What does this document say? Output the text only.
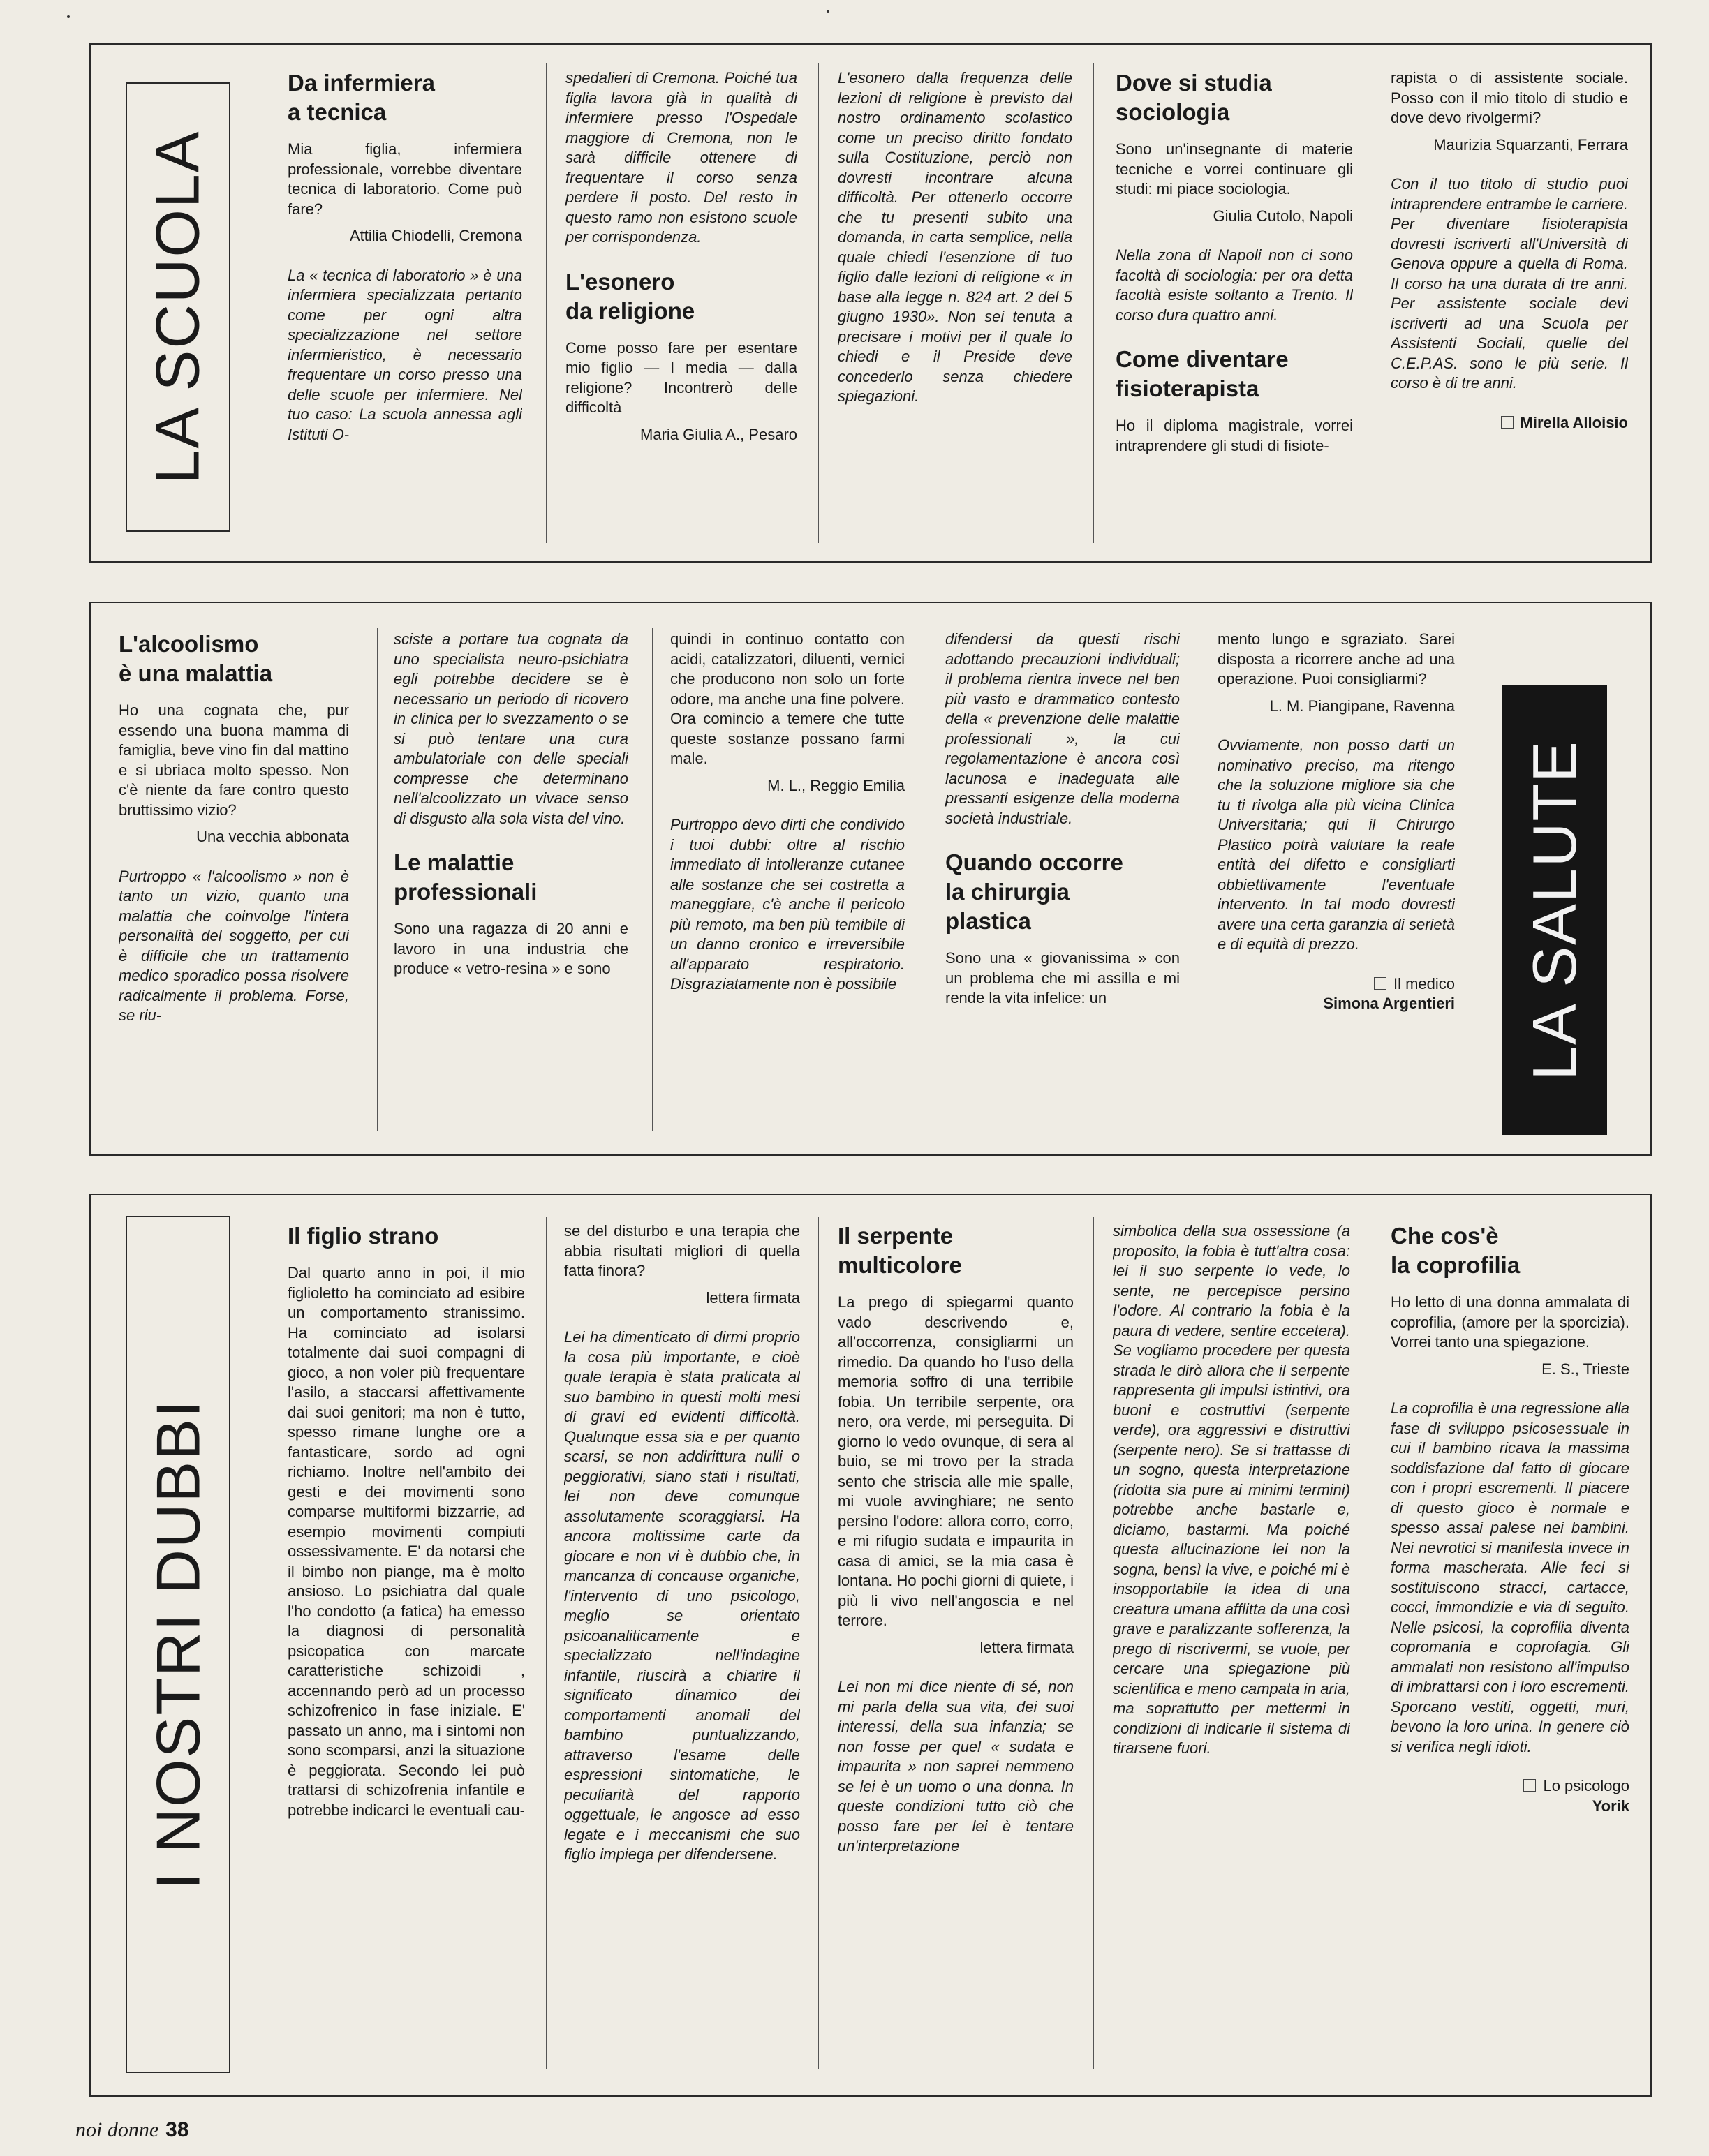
LA SCUOLA
Da infermiera
a tecnica

Mia figlia, infermiera professionale, vorrebbe diventare tecnica di laboratorio. Come può fare?

Attilia Chiodelli, Cremona

La « tecnica di laboratorio » è una infermiera specializzata pertanto come per ogni altra specializzazione nel settore infermieristico, è necessario frequentare un corso presso una delle scuole per infermiere. Nel tuo caso: La scuola annessa agli Istituti O-

spedalieri di Cremona. Poiché tua figlia lavora già in qualità di infermiere presso l'Ospedale maggiore di Cremona, non le sarà difficile ottenere di frequentare il corso senza perdere il posto. Del resto in questo ramo non esistono scuole per corrispondenza.

L'esonero
da religione

Come posso fare per esentare mio figlio — I media — dalla religione? Incontrerò delle difficoltà

Maria Giulia A., Pesaro

L'esonero dalla frequenza delle lezioni di religione è previsto dal nostro ordinamento scolastico come un preciso diritto fondato sulla Costituzione, perciò non dovresti incontrare alcuna difficoltà. Per ottenerlo occorre che tu presenti subito una domanda, in carta semplice, nella quale chiedi l'esenzione di tuo figlio dalle lezioni di religione « in base alla legge n. 824 art. 2 del 5 giugno 1930». Non sei tenuta a precisare i motivi per il quale lo chiedi e il Preside deve concederlo senza chiedere spiegazioni.

Dove si studia
sociologia

Sono un'insegnante di materie tecniche e vorrei continuare gli studi: mi piace sociologia.

Giulia Cutolo, Napoli

Nella zona di Napoli non ci sono facoltà di sociologia: per ora detta facoltà esiste soltanto a Trento. Il corso dura quattro anni.

Come diventare
fisioterapista

Ho il diploma magistrale, vorrei intraprendere gli studi di fisiote-

rapista o di assistente sociale. Posso con il mio titolo di studio e dove devo rivolgermi?

Maurizia Squarzanti, Ferrara

Con il tuo titolo di studio puoi intraprendere entrambe le carriere. Per diventare fisioterapista dovresti iscriverti all'Università di Genova oppure a quella di Roma. Il corso ha una durata di tre anni. Per assistente sociale devi iscriverti ad una Scuola per Assistenti Sociali, quelle del C.E.P.AS. sono le più serie. Il corso è di tre anni.

Mirella Alloisio
L'alcoolismo
è una malattia

Ho una cognata che, pur essendo una buona mamma di famiglia, beve vino fin dal mattino e si ubriaca molto spesso. Non c'è niente da fare contro questo bruttissimo vizio?

Una vecchia abbonata

Purtroppo « l'alcoolismo » non è tanto un vizio, quanto una malattia che coinvolge l'intera personalità del soggetto, per cui è difficile che un trattamento medico sporadico possa risolvere radicalmente il problema. Forse, se riu-

sciste a portare tua cognata da uno specialista neuro-psichiatra egli potrebbe decidere se è necessario un periodo di ricovero in clinica per lo svezzamento o se si può tentare una cura ambulatoriale con delle speciali compresse che determinano nell'alcoolizzato un vivace senso di disgusto alla sola vista del vino.

Le malattie
professionali

Sono una ragazza di 20 anni e lavoro in una industria che produce « vetro-resina » e sono

quindi in continuo contatto con acidi, catalizzatori, diluenti, vernici che producono non solo un forte odore, ma anche una fine polvere. Ora comincio a temere che tutte queste sostanze possano farmi male.

M. L., Reggio Emilia

Purtroppo devo dirti che condivido i tuoi dubbi: oltre al rischio immediato di intolleranze cutanee alle sostanze che sei costretta a maneggiare, c'è anche il pericolo più remoto, ma ben più temibile di un danno cronico e irreversibile all'apparato respiratorio. Disgraziatamente non è possibile

difendersi da questi rischi adottando precauzioni individuali; il problema rientra invece nel ben più vasto e drammatico contesto della « prevenzione delle malattie professionali », la cui regolamentazione è ancora così lacunosa e inadeguata alle pressanti esigenze della moderna società industriale.

Quando occorre
la chirurgia
plastica

Sono una « giovanissima » con un problema che mi assilla e mi rende la vita infelice: un

mento lungo e sgraziato. Sarei disposta a ricorrere anche ad una operazione. Puoi consigliarmi?

L. M. Piangipane, Ravenna

Ovviamente, non posso darti un nominativo preciso, ma ritengo che la soluzione migliore sia che tu ti rivolga alla più vicina Clinica Universitaria; qui il Chirurgo Plastico potrà valutare la reale entità del difetto e consigliarti obbiettivamente l'eventuale intervento. In tal modo dovresti avere una certa garanzia di serietà e di equità di prezzo.

Il medico
Simona Argentieri LA SALUTE
I NOSTRI DUBBI
Il figlio strano

Dal quarto anno in poi, il mio figlioletto ha cominciato ad esibire un comportamento stranissimo. Ha cominciato ad isolarsi totalmente dai suoi compagni di gioco, a non voler più frequentare l'asilo, a staccarsi affettivamente dai suoi genitori; ma non è tutto, spesso rimane lunghe ore a fantasticare, sordo ad ogni richiamo. Inoltre nell'ambito dei gesti e dei movimenti sono comparse multiformi bizzarrie, ad esempio movimenti compiuti ossessivamente. E' da notarsi che il bimbo non piange, ma è molto ansioso. Lo psichiatra dal quale l'ho condotto (a fatica) ha emesso la diagnosi di personalità psicopatica con marcate caratteristiche schizoidi , accennando però ad un processo schizofrenico in fase iniziale. E' passato un anno, ma i sintomi non sono scomparsi, anzi la situazione è peggiorata. Secondo lei può trattarsi di schizofrenia infantile e potrebbe indicarci le eventuali cau-

se del disturbo e una terapia che abbia risultati migliori di quella fatta finora?

lettera firmata

Lei ha dimenticato di dirmi proprio la cosa più importante, e cioè quale terapia è stata praticata al suo bambino in questi molti mesi di gravi ed evidenti difficoltà. Qualunque essa sia e per quanto scarsi, se non addirittura nulli o peggiorativi, siano stati i risultati, lei non deve comunque assolutamente scoraggiarsi. Ha ancora moltissime carte da giocare e non vi è dubbio che, in mancanza di concause organiche, l'intervento di uno psicologo, meglio se orientato psicoanaliticamente e specializzato nell'indagine infantile, riuscirà a chiarire il significato dinamico dei comportamenti anomali del bambino puntualizzando, attraverso l'esame delle espressioni sintomatiche, le peculiarità del rapporto oggettuale, le angosce ad esso legate e i meccanismi che suo figlio impiega per difendersene.

Il serpente
multicolore

La prego di spiegarmi quanto vado descrivendo e, all'occorrenza, consigliarmi un rimedio. Da quando ho l'uso della memoria soffro di una terribile fobia. Un terribile serpente, ora nero, ora verde, mi perseguita. Di giorno lo vedo ovunque, di sera al buio, se mi trovo per la strada sento che striscia alle mie spalle, mi vuole avvinghiare; ne sento persino l'odore: allora corro, corro, e mi rifugio sudata e impaurita in casa di amici, se la mia casa è lontana. Ho pochi giorni di quiete, i più li vivo nell'angoscia e nel terrore.

lettera firmata

Lei non mi dice niente di sé, non mi parla della sua vita, dei suoi interessi, della sua infanzia; se non fosse per quel « sudata e impaurita » non saprei nemmeno se lei è un uomo o una donna. In queste condizioni tutto ciò che posso fare per lei è tentare un'interpretazione

simbolica della sua ossessione (a proposito, la fobia è tutt'altra cosa: lei il suo serpente lo vede, lo sente, ne percepisce persino l'odore. Al contrario la fobia è la paura di vedere, sentire eccetera). Se vogliamo procedere per questa strada le dirò allora che il serpente rappresenta gli impulsi istintivi, ora buoni e costruttivi (serpente verde), ora aggressivi e distruttivi (serpente nero). Se si trattasse di un sogno, questa interpretazione (ridotta sia pure ai minimi termini) potrebbe anche bastarle e, diciamo, bastarmi. Ma poiché questa allucinazione lei non la sogna, bensì la vive, e poiché mi è insopportabile la idea di una creatura umana afflitta da una così grave e paralizzante sofferenza, la prego di riscrivermi, se vuole, per cercare una spiegazione più scientifica e meno campata in aria, ma soprattutto per mettermi in condizioni di indicarle il sistema di tirarsene fuori.

Che cos'è
la coprofilia

Ho letto di una donna ammalata di coprofilia, (amore per la sporcizia). Vorrei tanto una spiegazione.

E. S., Trieste

La coprofilia è una regressione alla fase di sviluppo psicosessuale in cui il bambino ricava la massima soddisfazione dal fatto di giocare con i propri escrementi. Il piacere di questo gioco è normale e spesso assai palese nei bambini. Nei nevrotici si manifesta invece in forma mascherata. Alle feci si sostituiscono stracci, cartacce, cocci, immondizie e via di seguito. Nelle psicosi, la coprofilia diventa copromania e coprofagia. Gli ammalati non resistono all'impulso di imbrattarsi con i loro escrementi. Sporcano vestiti, oggetti, muri, bevono la loro urina. In genere ciò si verifica negli idioti.

Lo psicologo
Yorik
noi donne 38
